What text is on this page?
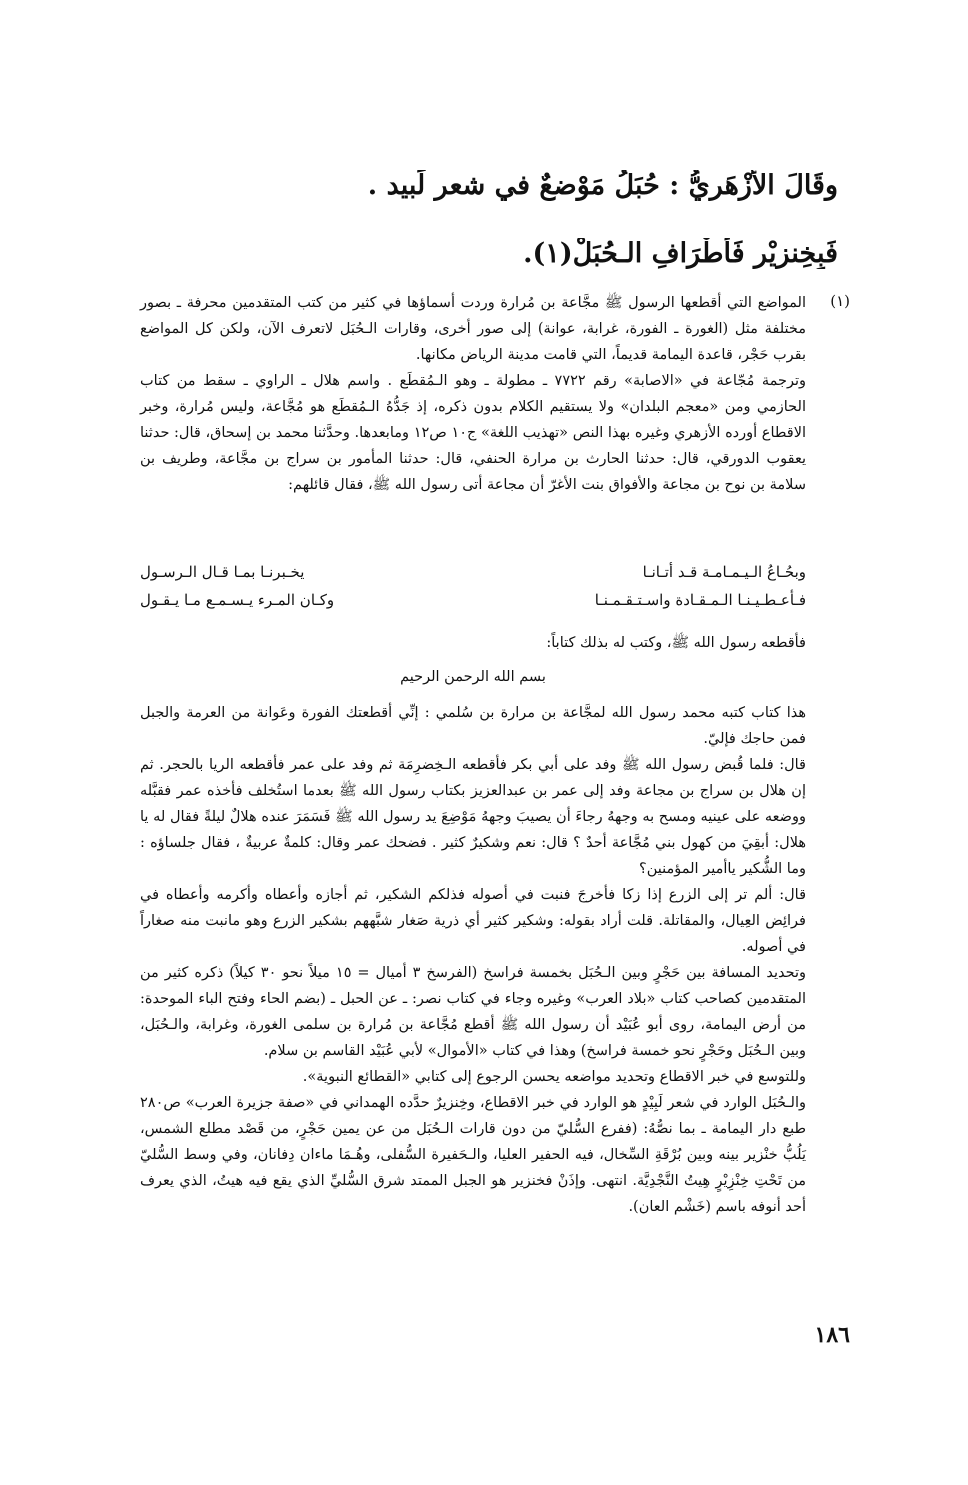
وقَالَ الأزْهَريُّ : حُبَلُ مَوْضعٌ في شعر لَبيد .
فَبِخِنزيْر فَأطْرَافِ الـحُبَلْ(١).
(١)

المواضع التي أقطعها الرسول ﷺ مجَّاعة بن مُرارة وردت أسماؤها في كثير من كتب المتقدمين محرفة ـ بصور مختلفة مثل (الغورة ـ الفورة، غرابة، عوانة) إلى صور أخرى، وقارات الـحُبَل لاتعرف الآن، ولكن كل المواضع بقرب حَجْر، قاعدة اليمامة قديماً، التي قامت مدينة الرياض مكانها.

وترجمة مُجّاعة في «الاصابة» رقم ٧٧٢٢ ـ مطولة ـ وهو الـمُقطَع . واسم هلال ـ الراوي ـ سقط من كتاب الحازمي ومن «معجم البلدان» ولا يستقيم الكلام بدون ذكره، إذ جَدُّهُ الـمُقطَع هو مُجَّاعة، وليس مُرارة، وخبر الاقطاع أورده الأزهري وغيره بهذا النص «تهذيب اللغة» ج١٠ ص١٢ ومابعدها. وحدَّثنا محمد بن إسحاق، قال: حدثنا يعقوب الدورقي، قال: حدثنا الحارث بن مرارة الحنفي، قال: حدثنا المأمور بن سراج بن مجَّاعة، وطريف بن سلامة بن نوح بن مجاعة والأفواق بنت الأغرّ أن مجاعة أتى رسول الله ﷺ، فقال قائلهم:

وبحُـاعُ الـيـمـامـة قـد أتـانـا
يخـبرنـا بمـا قـال الـرسـول
فـأعـطـيـنـا الـمـقـادة واسـتـقـمـنـا
وكـان المـرء يـسـمـع مـا يـقـول

فأقطعه رسول الله ﷺ، وكتب له بذلك كتاباً:

بسم الله الرحمن الرحيم

هذا كتاب كتبه محمد رسول الله لمجَّاعة بن مرارة بن سُلمي : إنِّي أقطعتك الفورة وعَوانة من العرمة والجبل فمن حاجك فإليّ.

قال: فلما قُبض رسول الله ﷺ وفد على أبي بكر فأقطعه الـخِضرِمَة ثم وفد على عمر فأقطعه الريا بالحجر. ثم إن هلال بن سراج بن مجاعة وفد إلى عمر بن عبدالعزيز بكتاب رسول الله ﷺ بعدما استُخلف فأخذه عمر فقبَّله ووضعه على عينيه ومسح به وجههُ رجاءَ أن يصيبَ وجههُ مَوْضِعَ يد رسول الله ﷺ فَسَمَرَ عنده هلالٌ ليلةً فقال له يا هلال: أبقِيَ من كهول بني مُجَّاعة أحدٌ ؟ قال: نعم وشكيرٌ كثير . فضحك عمر وقال: كلمةٌ عربيةٌ ، فقال جلساؤه : وما الشُّكير ياأمير المؤمنين؟

قال: ألم تر إلى الزرع إذا زكا فأخرجَ فنبت في أصوله فذلكم الشكير، ثم أجازه وأعطاه وأكرمه وأعطاه في فرائِض العِيال، والمقاتلة. قلت أراد بقوله: وشكير كثير أي ذرية صَغار شبَّههم بشكير الزرع وهو مانبت منه صغاراً في أصوله.

وتحديد المسافة بين حَجْرٍ وبين الـحُبَل بخمسة فراسخ (الفرسخ ٣ أميال = ١٥ ميلاً نحو ٣٠ كيلاً) ذكره كثير من المتقدمين كصاحب كتاب «بلاد العرب» وغيره وجاء في كتاب نصر: ـ عن الحبل ـ (بضم الحاء وفتح الباء الموحدة: من أرض اليمامة، روى أبو عُبَيْد أن رسول الله ﷺ أقطع مُجَّاعة بن مُرارة بن سلمى الغورة، وغرابة، والـحُبَل، وبين الـحُبَل وحَجْرٍ نحو خمسة فراسخ) وهذا في كتاب «الأموال» لأبي عُبَيْد القاسم بن سلام.

وللتوسع في خبر الاقطاع وتحديد مواضعه يحسن الرجوع إلى كتابي «القطائع النبوية».

والـحُبَل الوارد في شعر لَبِيْدٍ هو الوارد في خبر الاقطاع، وخِنزيرٌ حدَّده الهمداني في «صفة جزيرة العرب» ص٢٨٠ طبع دار اليمامة ـ بما نصُّهُ: (ففرع السُّليّ من دون قارات الـحُبَل من عن يمين حَجْرٍ، من قَصْد مطلع الشمس، يَلُبُّ خنْزير بينه وبين بُرْقَةِ السِّخال، فيه الحفير العليا، والـحَفيرة السُّفلى، وهُـمَا ماءان دِفانان، وفي وسط السُّليّ من تَحْتِ خِنْزِيْرٍ هِيتُ النَّجْدِيَّة. انتهى. وإذَنْ فخنزير هو الجبل الممتد شرق السُّليِّ الذي يقع فيه هيتُ، الذي يعرف أحد أنوفه باسم (خَشْم العان).

١٨٦
